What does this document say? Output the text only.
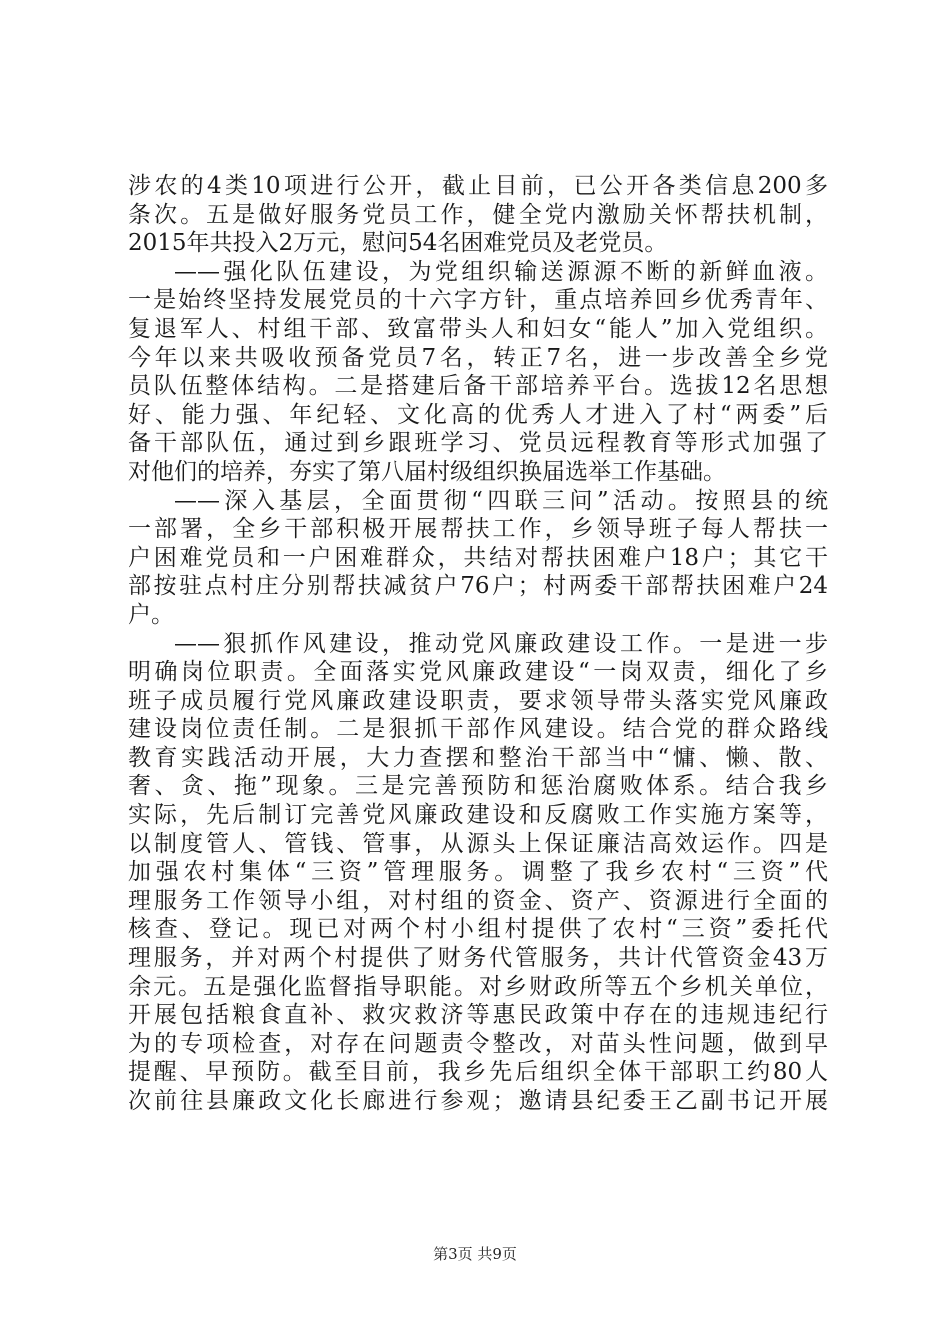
涉农的4类10项进行公开，截止目前，已公开各类信息200多
条次。五是做好服务党员工作，健全党内激励关怀帮扶机制，
2015年共投入2万元，慰问54名困难党员及老党员。
——强化队伍建设，为党组织输送源源不断的新鲜血液。
一是始终坚持发展党员的十六字方针，重点培养回乡优秀青年、
复退军人、村组干部、致富带头人和妇女“能人”加入党组织。
今年以来共吸收预备党员7名，转正7名，进一步改善全乡党
员队伍整体结构。二是搭建后备干部培养平台。选拔12名思想
好、能力强、年纪轻、文化高的优秀人才进入了村“两委”后
备干部队伍，通过到乡跟班学习、党员远程教育等形式加强了
对他们的培养，夯实了第八届村级组织换届选举工作基础。
——深入基层，全面贯彻“四联三问”活动。按照县的统
一部署，全乡干部积极开展帮扶工作，乡领导班子每人帮扶一
户困难党员和一户困难群众，共结对帮扶困难户18户；其它干
部按驻点村庄分别帮扶减贫户76户；村两委干部帮扶困难户24
户。
——狠抓作风建设，推动党风廉政建设工作。一是进一步
明确岗位职责。全面落实党风廉政建设“一岗双责，细化了乡
班子成员履行党风廉政建设职责，要求领导带头落实党风廉政
建设岗位责任制。二是狠抓干部作风建设。结合党的群众路线
教育实践活动开展，大力查摆和整治干部当中“慵、懒、散、
奢、贪、拖”现象。三是完善预防和惩治腐败体系。结合我乡
实际，先后制订完善党风廉政建设和反腐败工作实施方案等，
以制度管人、管钱、管事，从源头上保证廉洁高效运作。四是
加强农村集体“三资”管理服务。调整了我乡农村“三资”代
理服务工作领导小组，对村组的资金、资产、资源进行全面的
核查、登记。现已对两个村小组村提供了农村“三资”委托代
理服务，并对两个村提供了财务代管服务，共计代管资金43万
余元。五是强化监督指导职能。对乡财政所等五个乡机关单位，
开展包括粮食直补、救灾救济等惠民政策中存在的违规违纪行
为的专项检查，对存在问题责令整改，对苗头性问题，做到早
提醒、早预防。截至目前，我乡先后组织全体干部职工约80人
次前往县廉政文化长廊进行参观；邀请县纪委王乙副书记开展
第3页 共9页
